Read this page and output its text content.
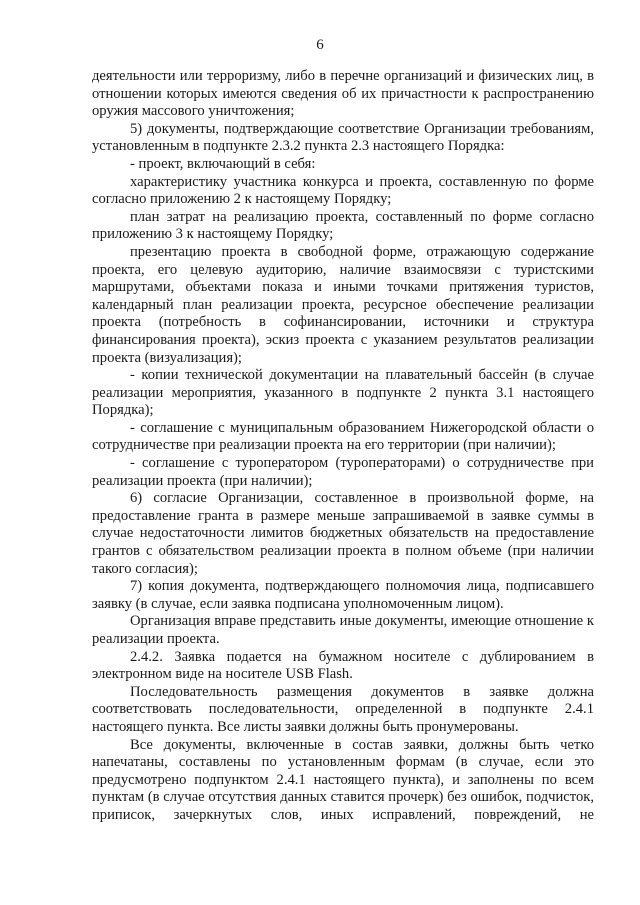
6

деятельности или терроризму, либо в перечне организаций и физических лиц, в отношении которых имеются сведения об их причастности к распространению оружия массового уничтожения;

5) документы, подтверждающие соответствие Организации требованиям, установленным в подпункте 2.3.2 пункта 2.3 настоящего Порядка:

- проект, включающий в себя:

характеристику участника конкурса и проекта, составленную по форме согласно приложению 2 к настоящему Порядку;

план затрат на реализацию проекта, составленный по форме согласно приложению 3 к настоящему Порядку;

презентацию проекта в свободной форме, отражающую содержание проекта, его целевую аудиторию, наличие взаимосвязи с туристскими маршрутами, объектами показа и иными точками притяжения туристов, календарный план реализации проекта, ресурсное обеспечение реализации проекта (потребность в софинансировании, источники и структура финансирования проекта), эскиз проекта с указанием результатов реализации проекта (визуализация);

- копии технической документации на плавательный бассейн (в случае реализации мероприятия, указанного в подпункте 2 пункта 3.1 настоящего Порядка);

- соглашение с муниципальным образованием Нижегородской области о сотрудничестве при реализации проекта на его территории (при наличии);

- соглашение с туроператором (туроператорами) о сотрудничестве при реализации проекта (при наличии);

6) согласие Организации, составленное в произвольной форме, на предоставление гранта в размере меньше запрашиваемой в заявке суммы в случае недостаточности лимитов бюджетных обязательств на предоставление грантов с обязательством реализации проекта в полном объеме (при наличии такого согласия);

7) копия документа, подтверждающего полномочия лица, подписавшего заявку (в случае, если заявка подписана уполномоченным лицом).

Организация вправе представить иные документы, имеющие отношение к реализации проекта.

2.4.2. Заявка подается на бумажном носителе с дублированием в электронном виде на носителе USB Flash.

Последовательность размещения документов в заявке должна соответствовать последовательности, определенной в подпункте 2.4.1 настоящего пункта. Все листы заявки должны быть пронумерованы.

Все документы, включенные в состав заявки, должны быть четко напечатаны, составлены по установленным формам (в случае, если это предусмотрено подпунктом 2.4.1 настоящего пункта), и заполнены по всем пунктам (в случае отсутствия данных ставится прочерк) без ошибок, подчисток, приписок, зачеркнутых слов, иных исправлений, повреждений, не
